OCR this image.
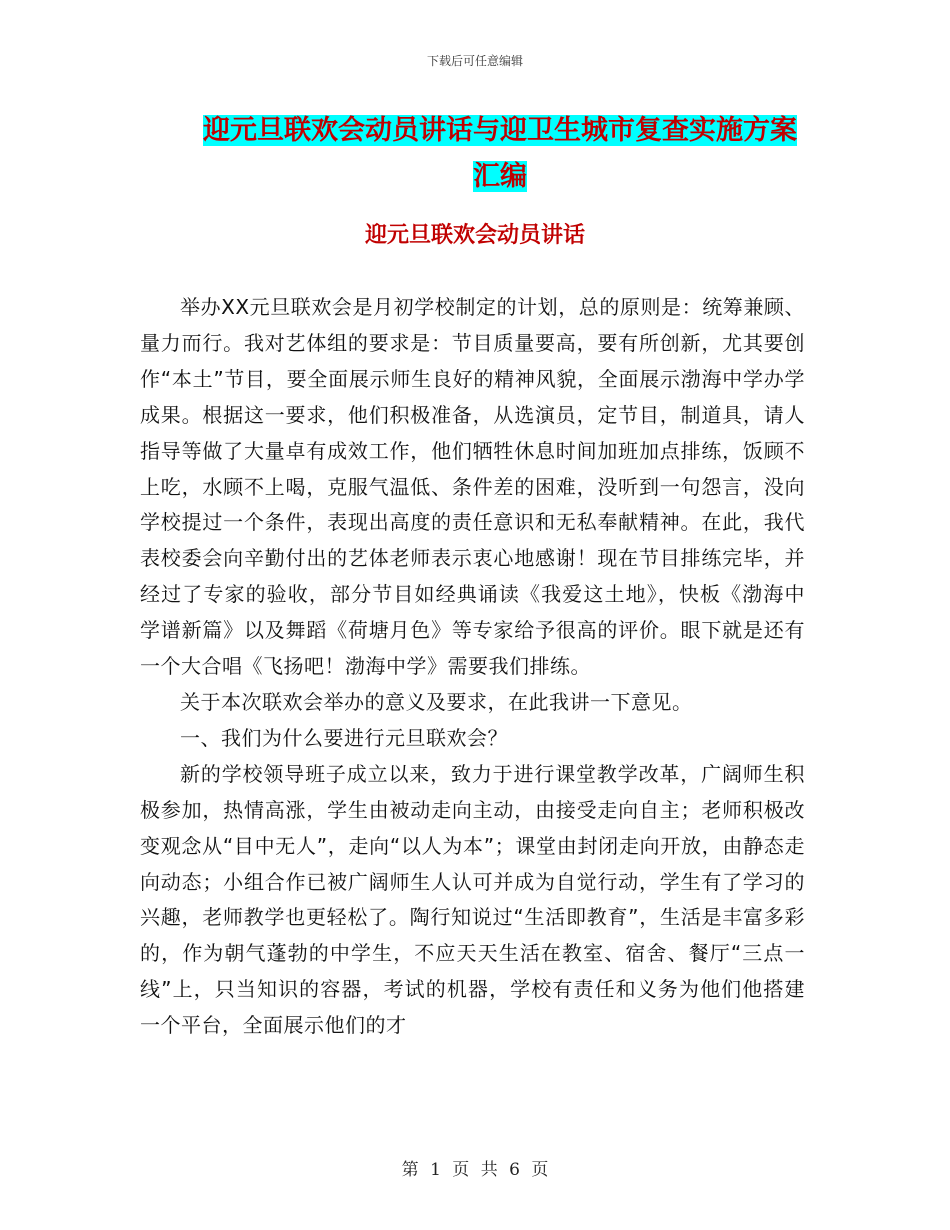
下载后可任意编辑
迎元旦联欢会动员讲话与迎卫生城市复查实施方案汇编
迎元旦联欢会动员讲话

举办XX元旦联欢会是月初学校制定的计划，总的原则是：统筹兼顾、量力而行。我对艺体组的要求是：节目质量要高，要有所创新，尤其要创作“本土”节目，要全面展示师生良好的精神风貌，全面展示渤海中学办学成果。根据这一要求，他们积极准备，从选演员，定节目，制道具，请人指导等做了大量卓有成效工作，他们牺牲休息时间加班加点排练，饭顾不上吃，水顾不上喝，克服气温低、条件差的困难，没听到一句怨言，没向学校提过一个条件，表现出高度的责任意识和无私奉献精神。在此，我代表校委会向辛勤付出的艺体老师表示衷心地感谢！现在节目排练完毕，并经过了专家的验收，部分节目如经典诵读《我爱这土地》，快板《渤海中学谱新篇》以及舞蹈《荷塘月色》等专家给予很高的评价。眼下就是还有一个大合唱《飞扬吧！渤海中学》需要我们排练。

关于本次联欢会举办的意义及要求，在此我讲一下意见。

一、我们为什么要进行元旦联欢会？

新的学校领导班子成立以来，致力于进行课堂教学改革，广阔师生积极参加，热情高涨，学生由被动走向主动，由接受走向自主；老师积极改变观念从“目中无人”，走向“以人为本”；课堂由封闭走向开放，由静态走向动态；小组合作已被广阔师生人认可并成为自觉行动，学生有了学习的兴趣，老师教学也更轻松了。陶行知说过“生活即教育”，生活是丰富多彩的，作为朝气蓬勃的中学生，不应天天生活在教室、宿舍、餐厅“三点一线”上，只当知识的容器，考试的机器，学校有责任和义务为他们他搭建一个平台，全面展示他们的才

第 1 页 共 6 页
